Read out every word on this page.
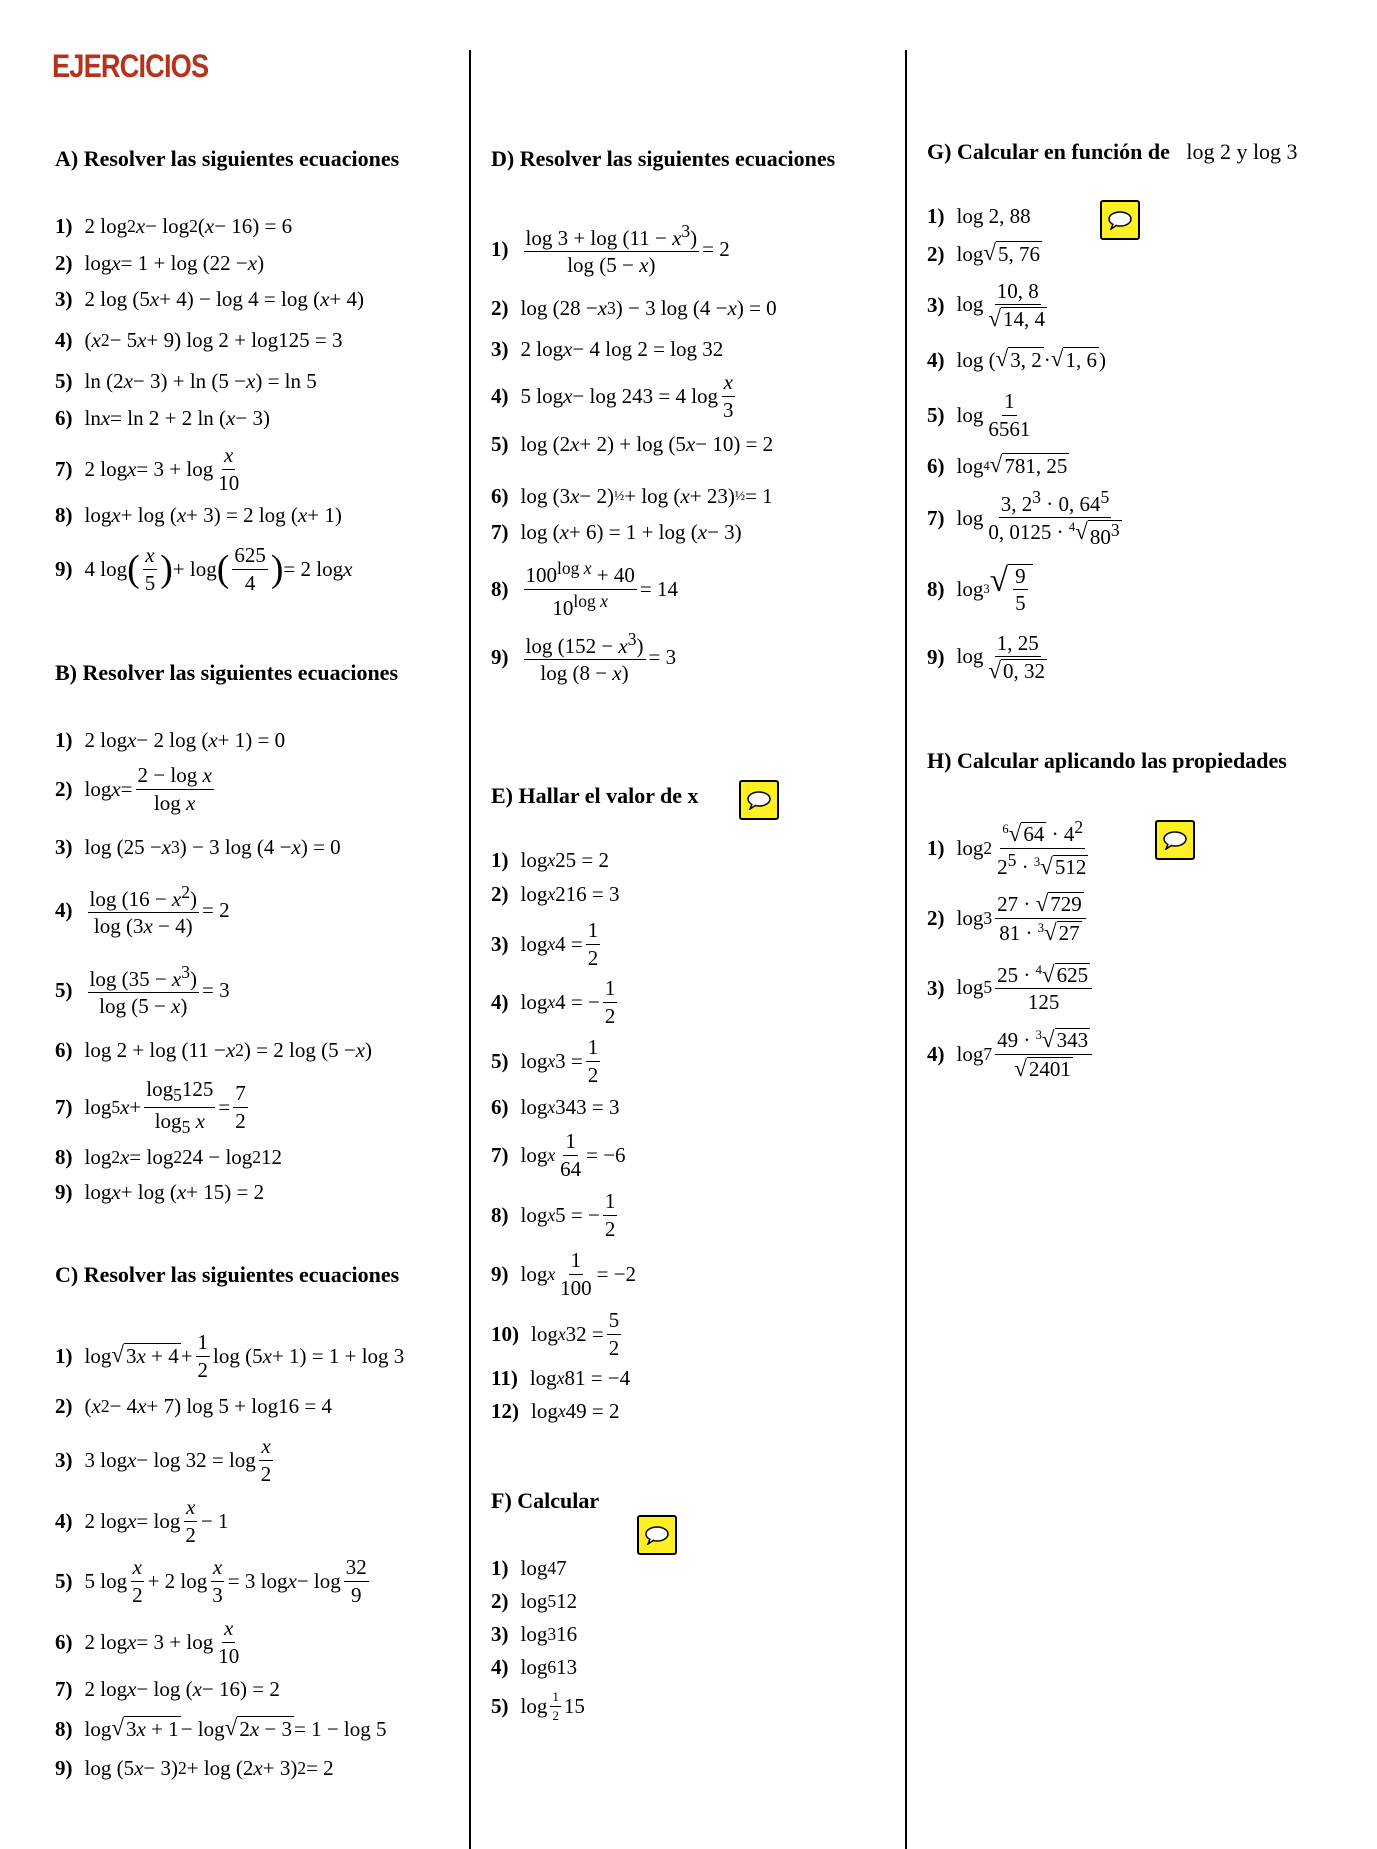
EJERCICIOS
A) Resolver las siguientes ecuaciones
1) 2 log 2 x − log 2 ( x − 16) = 6
2) log x = 1 + log (22 − x )
3) 2 log (5 x + 4) − log 4 = log ( x + 4)
4) ( x 2 − 5 x + 9) log 2 + log125 = 3
5) ln (2 x − 3) + ln (5 − x ) = ln 5
6) ln x = ln 2 + 2 ln ( x − 3)
7) 2 $\log x = 3 + \log \frac{x}{10}$
8) log x + log ( x + 3) = 2 log ( x + 1)
9) 4 log ( $\frac{x}{5}$ ) + log ( $\frac{625}{4}$ ) = 2 log x
B) Resolver las siguientes ecuaciones
1) 2 log x − 2 log ( x + 1) = 0
2) $\log x = \frac{\text{2 − log x}}{\text{log x}}$
3) log (25 − x 3 ) − 3 log (4 − x ) = 0
$4) \frac{\log (16 - x^2)}{\log (3x - 4)} = 2$
$5) \frac{\log (35 - x^3)}{\log (5 - x)} = 3$
6) log 2 + log (11 − x 2 ) = 2 log (5 − x )
7) log 5 $x + \frac{\log_5125}{\log_5 x} = \frac{7}{2}$
8) log 2 x = log 2 24 − log 2 12
9) log x + log ( x + 15) = 2
C) Resolver las siguientes ecuaciones
1) log √ $3x + 4 + \frac{1}{2}$ log (5 x + 1) = 1 + log 3
2) ( x 2 − 4 x + 7) log 5 + log16 = 4
3) 3 $\log x - \log 32 = \log \frac{x}{2}$
4) 2 $\log x = \log \frac{x}{2} - 1$
5) 5 $\log \frac{x}{2} + 2$ $\log \frac{x}{3} = 3$ $\log x - \log \frac{32}{9}$
6) 2 $\log x = 3 + \log \frac{x}{10}$
7) 2 log x − log ( x − 16) = 2
8) log √ 3x + 1 − log √ 2x − 3 = 1 − log 5
9) log (5 x − 3) 2 + log (2 x + 3) 2 = 2
D) Resolver las siguientes ecuaciones
$1) \frac{\log 3 + \log (11 - x^3)}{\log (5 - x)} = 2$
2) log (28 − x 3 ) − 3 log (4 − x ) = 0
3) 2 log x − 4 log 2 = log 32
4) 5 log x − log 243 = 4 $\log \frac{x}{3}$
5) log (2 x + 2) + log (5 x − 10) = 2
6) log (3 x − 2) ½ + log ( x + 23) ½ = 1
7) log ( x + 6) = 1 + log ( x − 3)
$8) \frac{100^{log x} + 40}{10^{log x}} = 14$
$9) \frac{\log (152 - x^3)}{\log (8 - x)} = 3$
E) Hallar el valor de x
1) log x 25 = 2
2) log x 216 = 3
3) log x $4 = \frac{1}{2}$
4) log x 4 = − $\frac{1}{2}$
5) log x $3 = \frac{1}{2}$
6) log x 343 = 3
7) log x $\frac{1}{64} = -6$
8) log x 5 = − $\frac{1}{2}$
9) log x $\frac{1}{100} = -2$
10) log x $32 = \frac{5}{2}$
11) log x 81 = −4
12) log x 49 = 2
F) Calcular
1) log 4 7
2) log 5 12
3) log 3 16
4) log 6 13
5) $\log \frac{1}{2} 15$
G) Calcular en función de log 2 y log 3
1) log 2, 88
2) log √ 5, 76
3) $\log \frac{10, 8}{√ 14, 4}$
4) log ( √ 3, 2 · √ 1, 6 )
5) $\log \frac{1}{6561}$
6) log 4 √ 781, 25
7) $\log \frac{3, 2^3 \cdot 0, 64^5}{0, 0125 \cdot ^4 √ 80^3}$
8) log 3 √ $\frac{9}{5}$
9) $\log \frac{1, 25}{√ 0, 32}$
H) Calcular aplicando las propiedades
1) $\log 2 \frac{^6 √ 64 \cdot 4^2}{2^5 \cdot ^3 √ 512}$
2) $\log 3 \frac{27 \cdot √ 729}{81 \cdot ^3 √ 27}$
3) $\log 5 \frac{25 \cdot ^4 √ 625}{125}$
4) $\log 7 \frac{49 \cdot ^3 √ 343}{√ 2401}$
